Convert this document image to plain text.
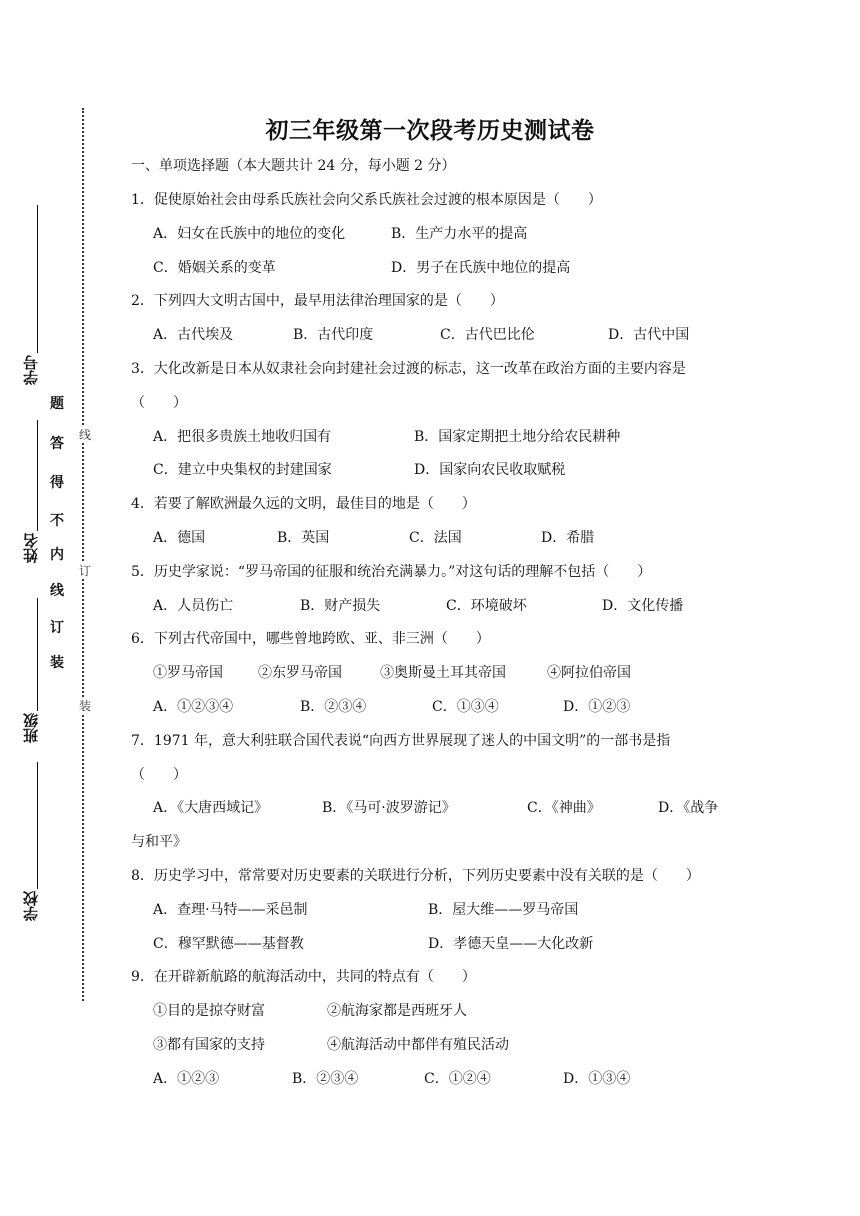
学号
姓名
班级
学校
题
答
得
不
内
线
订
装
线
订
装
初三年级第一次段考历史测试卷
一、单项选择题（本大题共计 24 分，每小题 2 分）
1．促使原始社会由母系氏族社会向父系氏族社会过渡的根本原因是（　　）
A．妇女在氏族中的地位的变化	B．生产力水平的提高
C．婚姻关系的变革	D．男子在氏族中地位的提高
2．下列四大文明古国中，最早用法律治理国家的是（　　）
A．古代埃及	B．古代印度	C．古代巴比伦	D．古代中国
3．大化改新是日本从奴隶社会向封建社会过渡的标志，这一改革在政治方面的主要内容是
（　　）
A．把很多贵族土地收归国有	B．国家定期把土地分给农民耕种
C．建立中央集权的封建国家	D．国家向农民收取赋税
4．若要了解欧洲最久远的文明，最佳目的地是（　　）
A．德国	B．英国	C．法国	D．希腊
5．历史学家说：“罗马帝国的征服和统治充满暴力。”对这句话的理解不包括（　　）
A．人员伤亡	B．财产损失	C．环境破坏	D．文化传播
6．下列古代帝国中，哪些曾地跨欧、亚、非三洲（　　）
①罗马帝国	②东罗马帝国	③奥斯曼土耳其帝国	④阿拉伯帝国
A．①②③④	B．②③④	C．①③④	D．①②③
7．1971 年，意大利驻联合国代表说“向西方世界展现了迷人的中国文明”的一部书是指
（　　）
A．《大唐西域记》	B．《马可·波罗游记》	C．《神曲》	D．《战争
与和平》
8．历史学习中，常常要对历史要素的关联进行分析，下列历史要素中没有关联的是（　　）
A．查理·马特——采邑制	B．屋大维——罗马帝国
C．穆罕默德——基督教	D．孝德天皇——大化改新
9．在开辟新航路的航海活动中，共同的特点有（　　）
①目的是掠夺财富	②航海家都是西班牙人
③都有国家的支持	④航海活动中都伴有殖民活动
A．①②③	B．②③④	C．①②④	D．①③④
